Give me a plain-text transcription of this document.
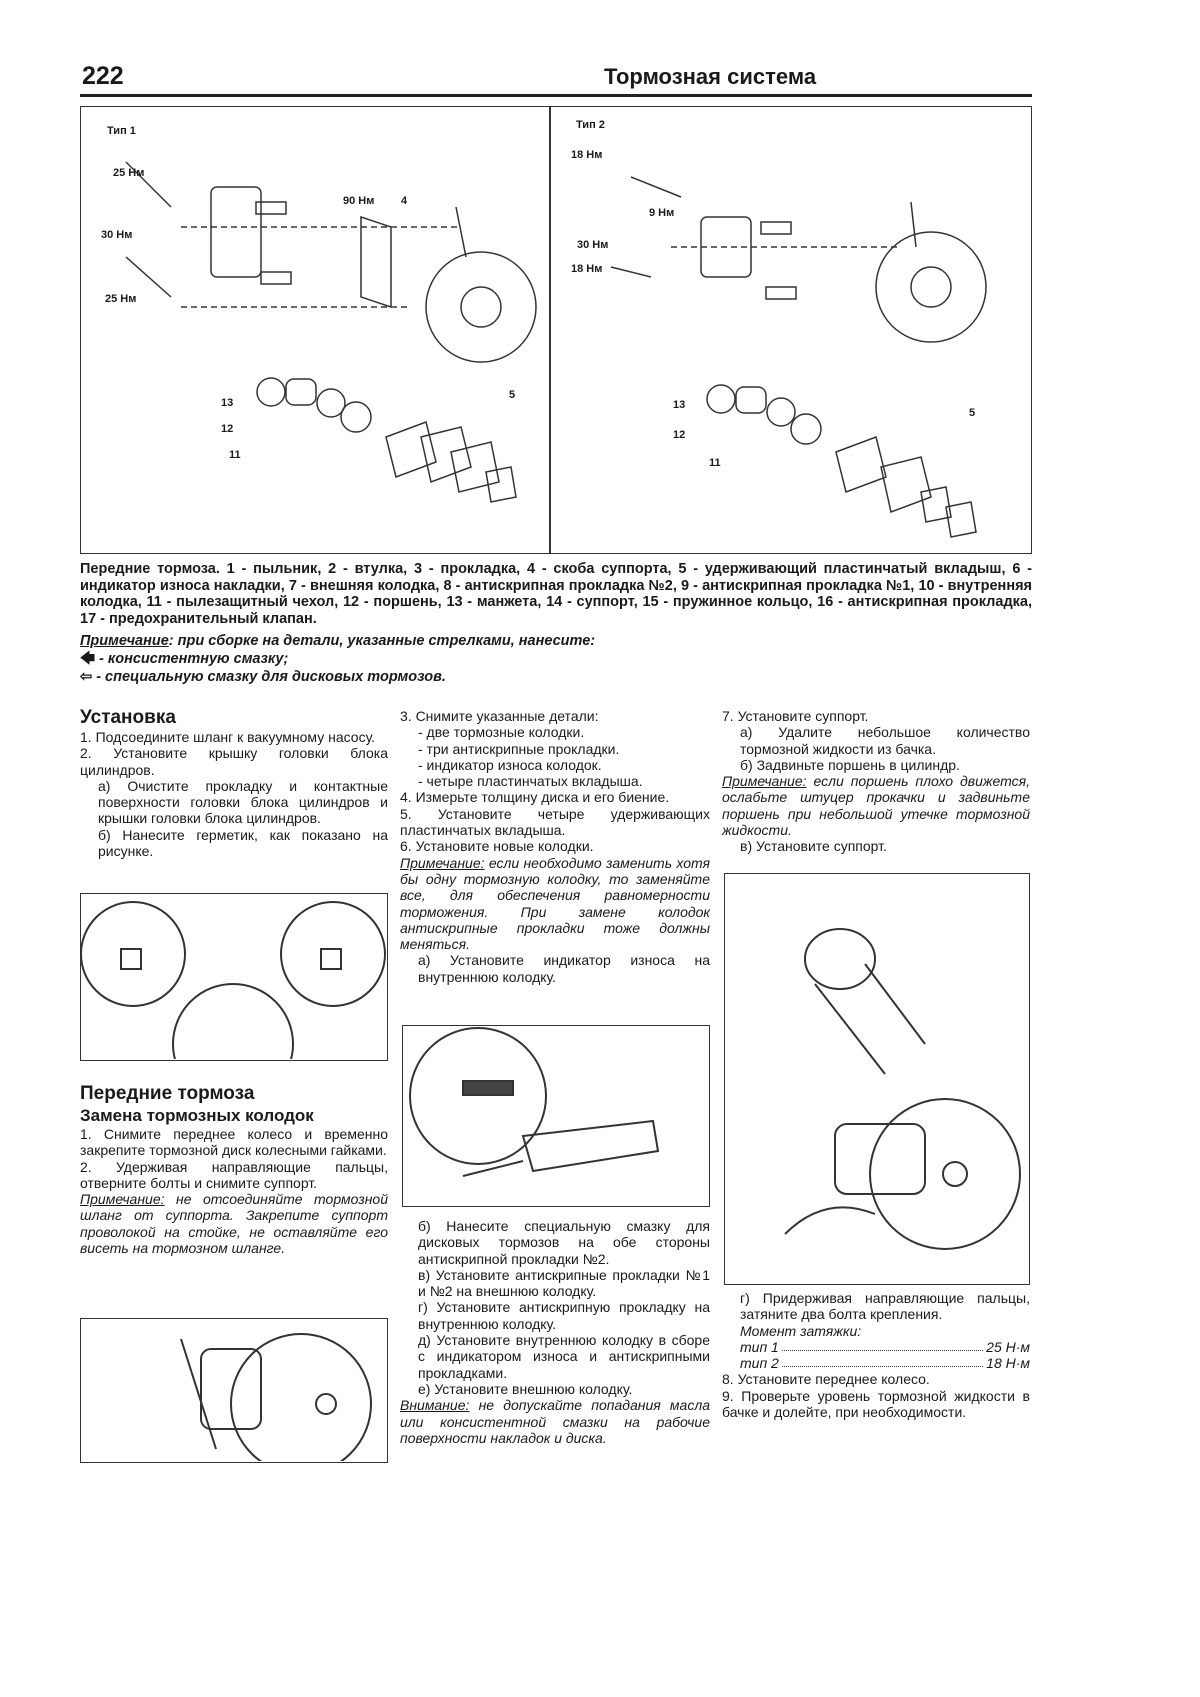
222	Тормозная система
Тип 1	Тип 2
25 Нм
30 Нм
25 Нм
90 Нм 4
18 Нм
9 Нм
30 Нм
18 Нм
13
12
11
5
13
12
11
5
Передние тормоза. 1 - пыльник, 2 - втулка, 3 - прокладка, 4 - скоба суппорта, 5 - удерживающий пластинчатый вкладыш, 6 - индикатор износа накладки, 7 - внешняя колодка, 8 - антискрипная прокладка №2, 9 - антискрипная прокладка №1, 10 - внутренняя колодка, 11 - пылезащитный чехол, 12 - поршень, 13 - манжета, 14 - суппорт, 15 - пружинное кольцо, 16 - антискрипная прокладка, 17 - предохранительный клапан.
Примечание: при сборке на детали, указанные стрелками, нанесите:
🡄 - консистентную смазку;
⇦ - специальную смазку для дисковых тормозов.
Установка

1. Подсоедините шланг к вакуумному насосу.

2. Установите крышку головки блока цилиндров.

а) Очистите прокладку и контактные поверхности головки блока цилиндров и крышки головки блока цилиндров.

б) Нанесите герметик, как показано на рисунке.

Передние тормоза
Замена тормозных колодок

1. Снимите переднее колесо и временно закрепите тормозной диск колесными гайками.

2. Удерживая направляющие пальцы, отверните болты и снимите суппорт.

Примечание: не отсоединяйте тормозной шланг от суппорта. Закрепите суппорт проволокой на стойке, не оставляйте его висеть на тормозном шланге.

3. Снимите указанные детали:

- две тормозные колодки.

- три антискрипные прокладки.

- индикатор износа колодок.

- четыре пластинчатых вкладыша.

4. Измерьте толщину диска и его биение.

5. Установите четыре удерживающих пластинчатых вкладыша.

6. Установите новые колодки.

Примечание: если необходимо заменить хотя бы одну тормозную колодку, то заменяйте все, для обеспечения равномерности торможения. При замене колодок антискрипные прокладки тоже должны меняться.

а) Установите индикатор износа на внутреннюю колодку.

б) Нанесите специальную смазку для дисковых тормозов на обе стороны антискрипной прокладки №2.

в) Установите антискрипные прокладки №1 и №2 на внешнюю колодку.

г) Установите антискрипную прокладку на внутреннюю колодку.

д) Установите внутреннюю колодку в сборе с индикатором износа и антискрипными прокладками.

е) Установите внешнюю колодку.

Внимание: не допускайте попадания масла или консистентной смазки на рабочие поверхности накладок и диска.

7. Установите суппорт.

а) Удалите небольшое количество тормозной жидкости из бачка.

б) Задвиньте поршень в цилиндр.

Примечание: если поршень плохо движется, ослабьте штуцер прокачки и задвиньте поршень при небольшой утечке тормозной жидкости.

в) Установите суппорт.

г) Придерживая направляющие пальцы, затяните два болта крепления.

Момент затяжки:

тип 1	25 Н·м
тип 2	18 Н·м

8. Установите переднее колесо.

9. Проверьте уровень тормозной жидкости в бачке и долейте, при необходимости.
